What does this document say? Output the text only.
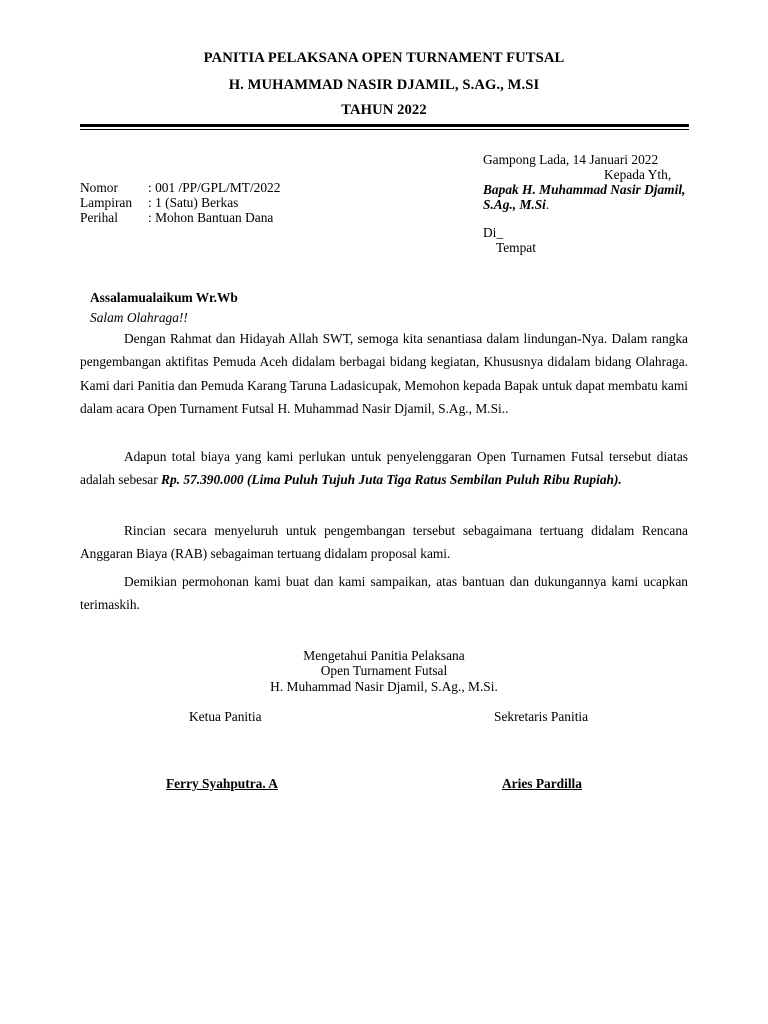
PANITIA PELAKSANA OPEN TURNAMENT FUTSAL
H. MUHAMMAD NASIR DJAMIL, S.AG., M.SI
TAHUN 2022
Nomor : 001 /PP/GPL/MT/2022
Lampiran : 1 (Satu) Berkas
Perihal : Mohon Bantuan Dana
Gampong Lada, 14 Januari 2022
Kepada Yth,
Bapak H. Muhammad Nasir Djamil,
S.Ag., M.Si.
Di_
Tempat
Assalamualaikum Wr.Wb
Salam Olahraga!!
Dengan Rahmat dan Hidayah Allah SWT, semoga kita senantiasa dalam lindungan-Nya. Dalam rangka pengembangan aktifitas Pemuda Aceh didalam berbagai bidang kegiatan, Khususnya didalam bidang Olahraga. Kami dari Panitia dan Pemuda Karang Taruna Ladasicupak, Memohon kepada Bapak untuk dapat membatu kami dalam acara Open Turnament Futsal H. Muhammad Nasir Djamil, S.Ag., M.Si..
Adapun total biaya yang kami perlukan untuk penyelenggaran Open Turnamen Futsal tersebut diatas adalah sebesar Rp. 57.390.000 (Lima Puluh Tujuh Juta Tiga Ratus Sembilan Puluh Ribu Rupiah).
Rincian secara menyeluruh untuk pengembangan tersebut sebagaimana tertuang didalam Rencana Anggaran Biaya (RAB) sebagaiman tertuang didalam proposal kami.
Demikian permohonan kami buat dan kami sampaikan, atas bantuan dan dukungannya kami ucapkan terimaskih.
Mengetahui Panitia Pelaksana
Open Turnament Futsal
H. Muhammad Nasir Djamil, S.Ag., M.Si.
Ketua Panitia	Sekretaris Panitia
Ferry Syahputra. A	Aries Pardilla
